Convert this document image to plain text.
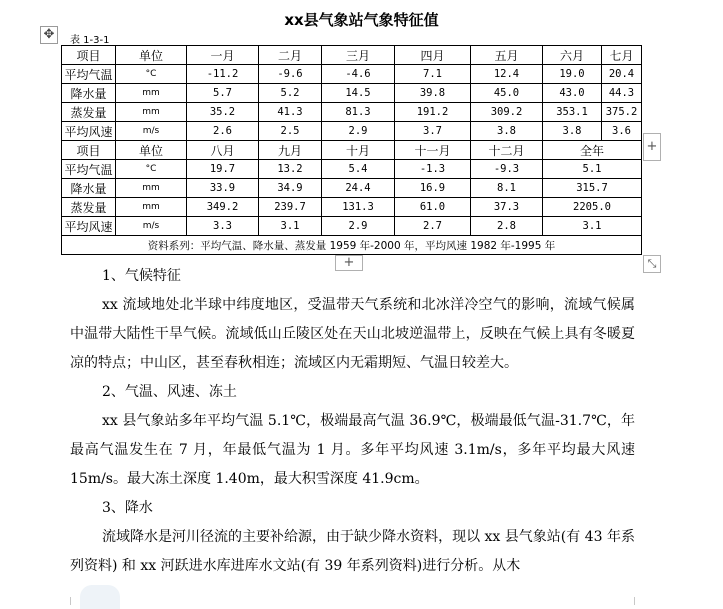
xx县气象站气象特征值
✥	表 1-3-1
项目	单位	一月	二月	三月	四月	五月	六月	七月
平均气温	°C	-11.2	-9.6	-4.6	7.1	12.4	19.0	20.4
降水量	mm	5.7	5.2	14.5	39.8	45.0	43.0	44.3
蒸发量	mm	35.2	41.3	81.3	191.2	309.2	353.1	375.2
平均风速	m/s	2.6	2.5	2.9	3.7	3.8	3.8	3.6
项目	单位	八月	九月	十月	十一月	十二月	全年	
平均气温	°C	19.7	13.2	5.4	-1.3	-9.3	5.1	
降水量	mm	33.9	34.9	24.4	16.9	8.1	315.7	
蒸发量	mm	349.2	239.7	131.3	61.0	37.3	2205.0	
平均风速	m/s	3.3	3.1	2.9	2.7	2.8	3.1	
资料系列：平均气温、降水量、蒸发量 1959 年-2000 年，平均风速 1982 年-1995 年								
+
+
⤡

1、气候特征

xx 流域地处北半球中纬度地区，受温带天气系统和北冰洋冷空气的影响，流域气候属中温带大陆性干旱气候。流域低山丘陵区处在天山北坡逆温带上，反映在气候上具有冬暖夏凉的特点；中山区，甚至春秋相连；流域区内无霜期短、气温日较差大。

2、气温、风速、冻土

xx 县气象站多年平均气温 5.1℃，极端最高气温 36.9℃，极端最低气温-31.7℃，年最高气温发生在 7 月，年最低气温为 1 月。多年平均风速 3.1m/s，多年平均最大风速 15m/s。最大冻土深度 1.40m，最大积雪深度 41.9cm。

3、降水

流域降水是河川径流的主要补给源，由于缺少降水资料，现以 xx 县气象站(有 43 年系列资料) 和 xx 河跃进水库进库水文站(有 39 年系列资料)进行分析。从木
